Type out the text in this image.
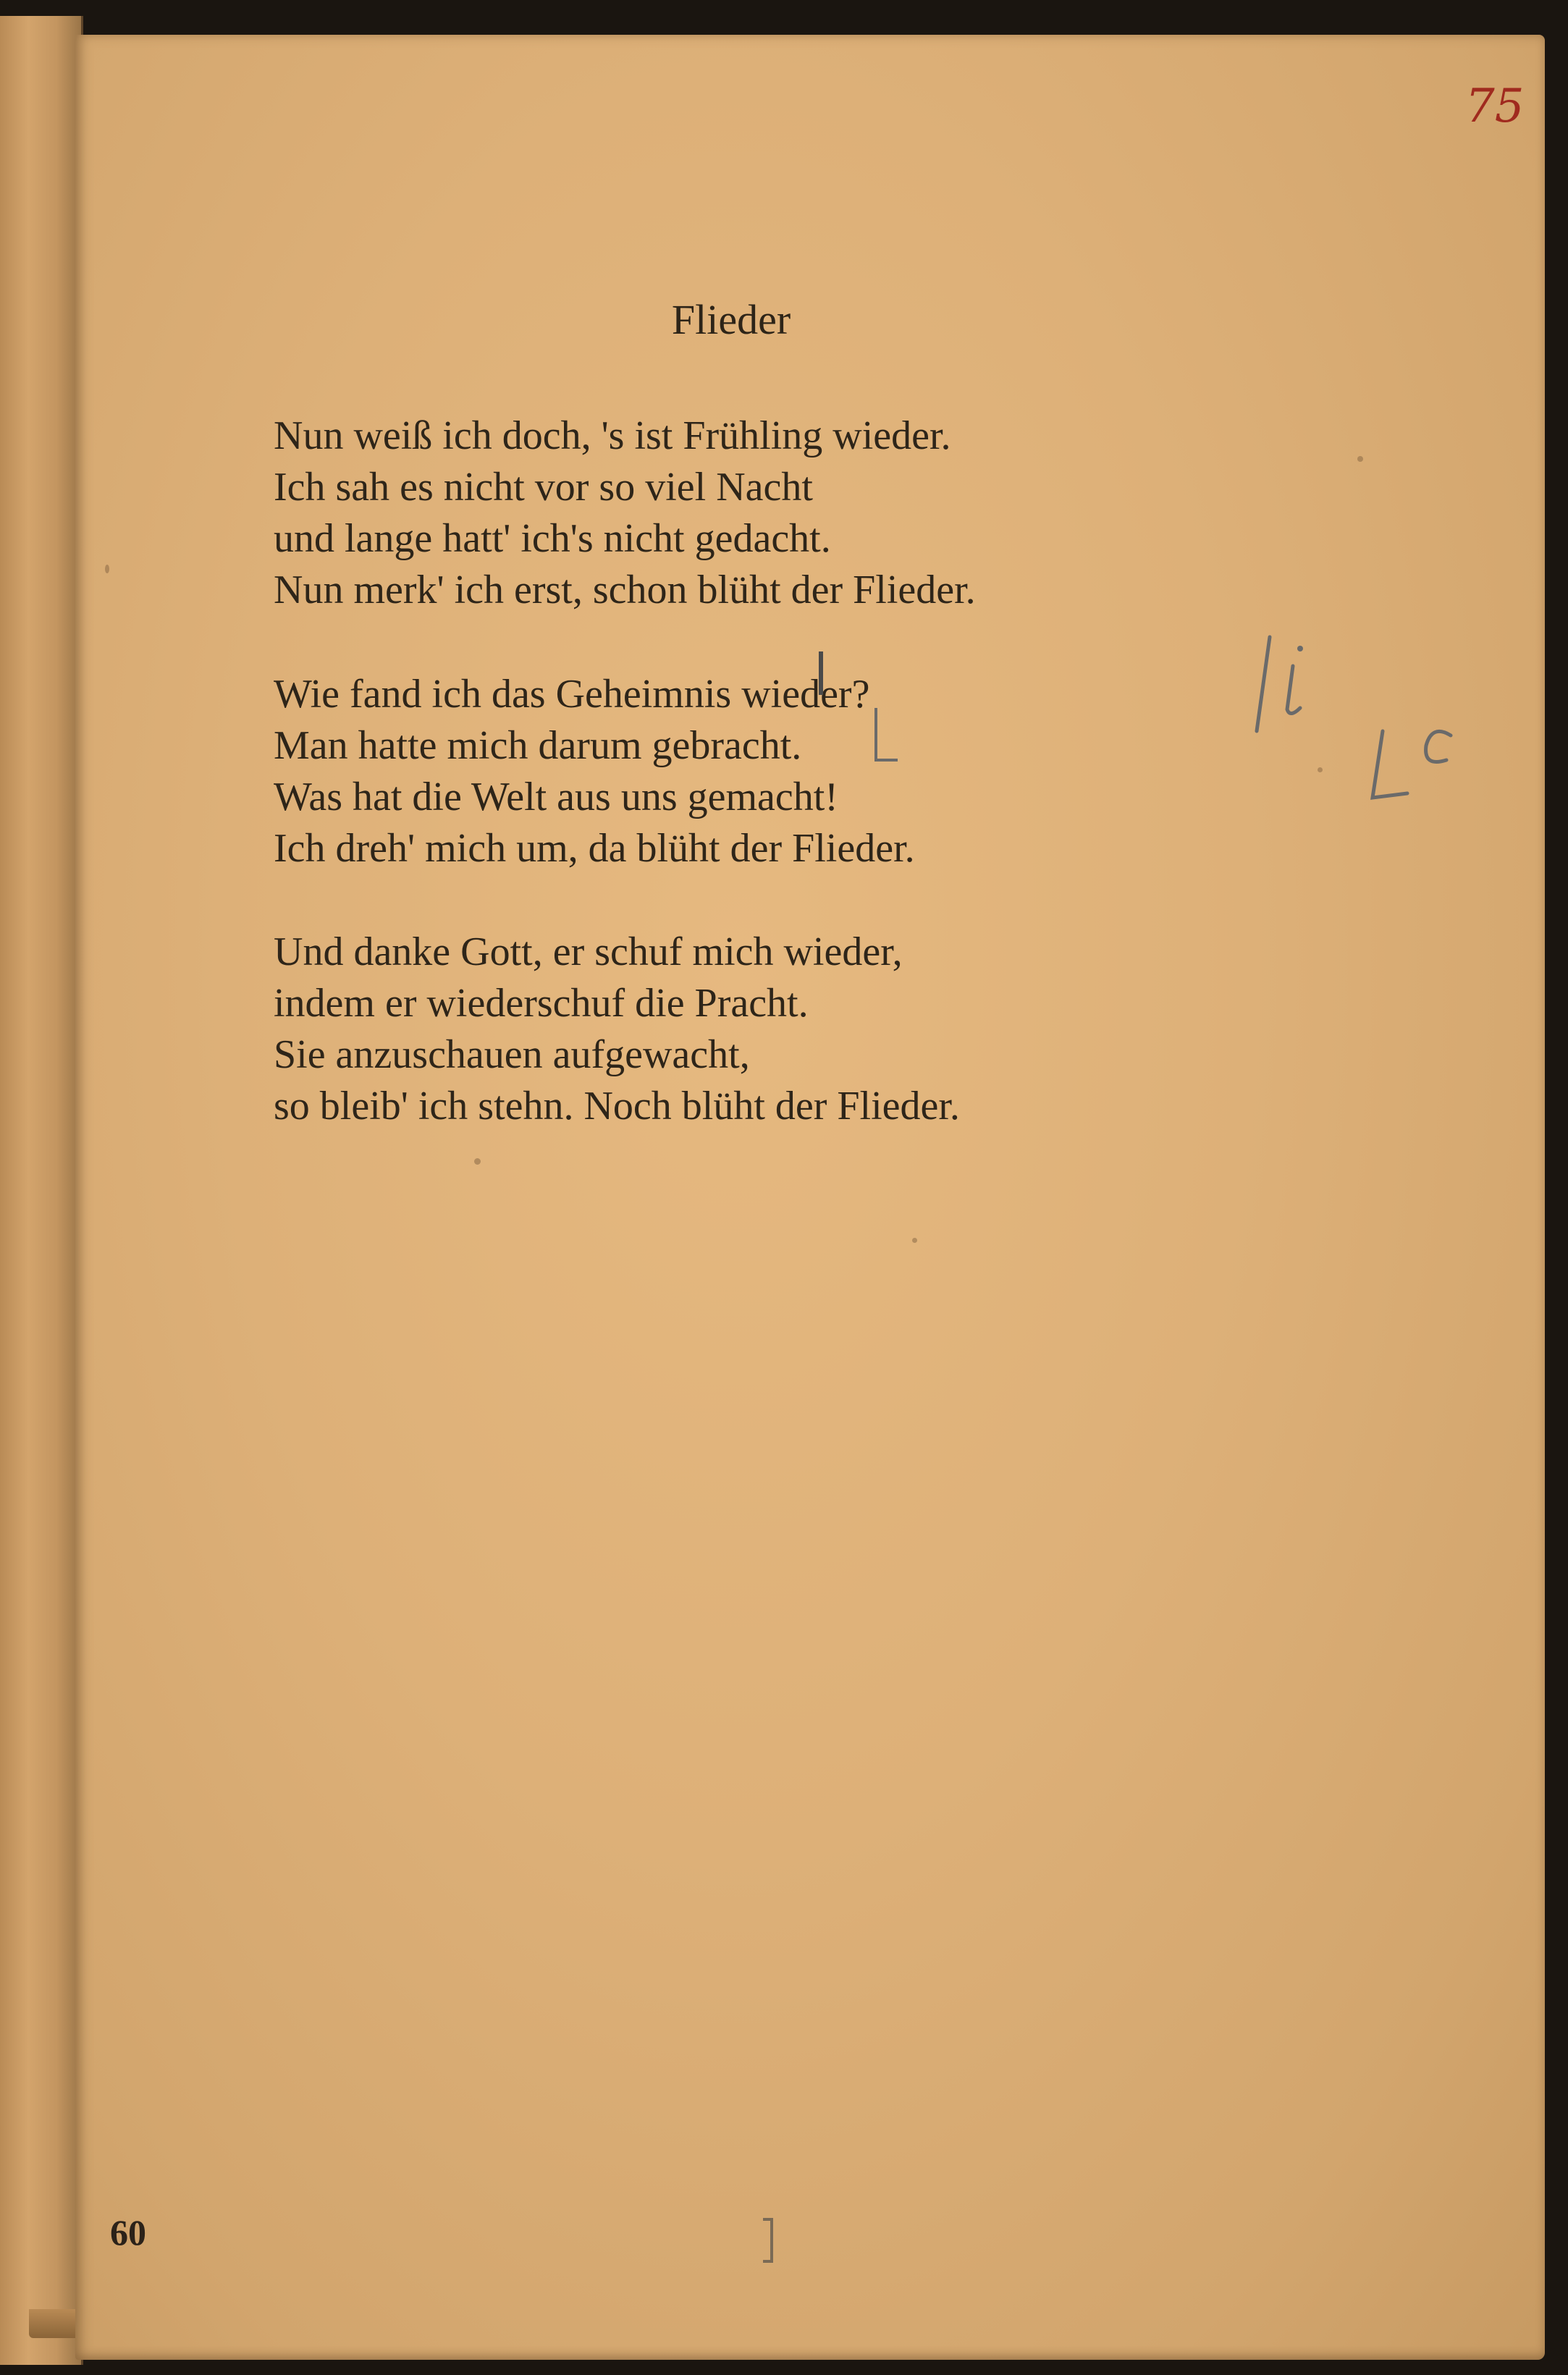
75
Flieder
Nun weiß ich doch, 's ist Frühling wieder.
Ich sah es nicht vor so viel Nacht
und lange hatt' ich's nicht gedacht.
Nun merk' ich erst, schon blüht der Flieder.
Wie fand ich das Geheimnis wieder?
Man hatte mich darum gebracht.
Was hat die Welt aus uns gemacht!
Ich dreh' mich um, da blüht der Flieder.
Und danke Gott, er schuf mich wieder,
indem er wiederschuf die Pracht.
Sie anzuschauen aufgewacht,
so bleib' ich stehn. Noch blüht der Flieder.
60
